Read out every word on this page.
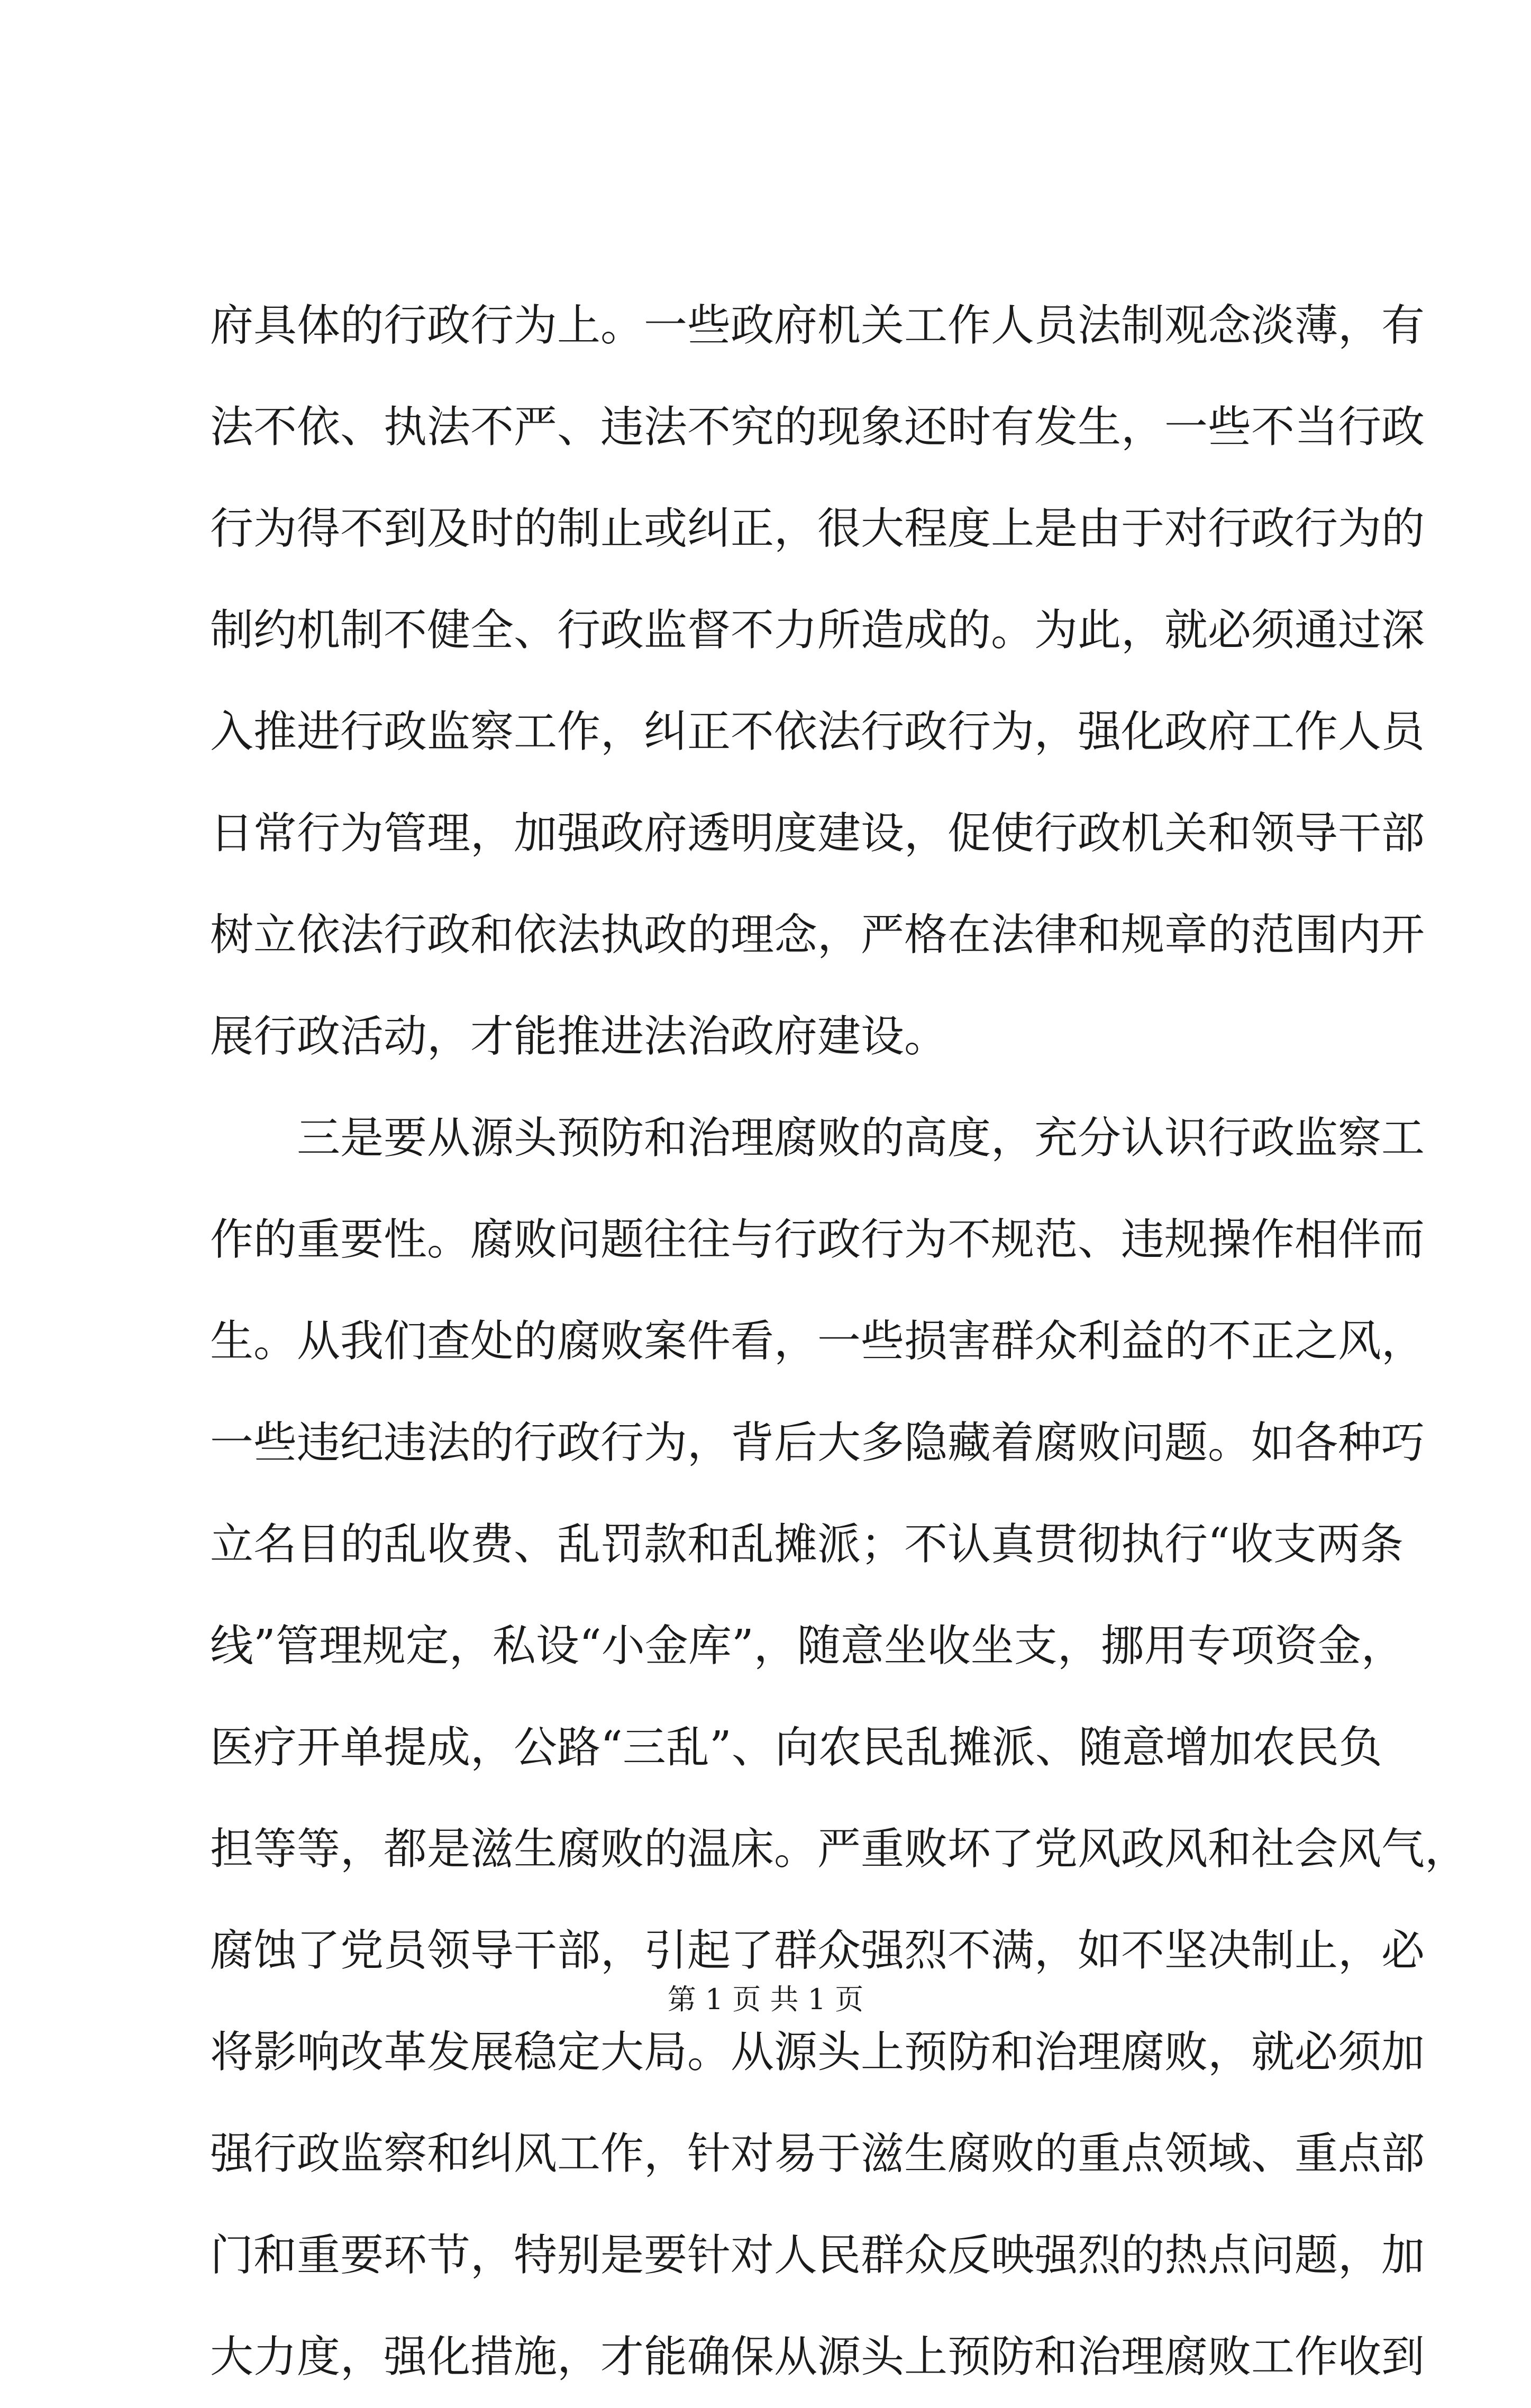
府具体的行政行为上。一些政府机关工作人员法制观念淡薄，有
法不依、执法不严、违法不究的现象还时有发生，一些不当行政
行为得不到及时的制止或纠正，很大程度上是由于对行政行为的
制约机制不健全、行政监督不力所造成的。为此，就必须通过深
入推进行政监察工作，纠正不依法行政行为，强化政府工作人员
日常行为管理，加强政府透明度建设，促使行政机关和领导干部
树立依法行政和依法执政的理念，严格在法律和规章的范围内开
展行政活动，才能推进法治政府建设。
三是要从源头预防和治理腐败的高度，充分认识行政监察工
作的重要性。腐败问题往往与行政行为不规范、违规操作相伴而
生。从我们查处的腐败案件看，一些损害群众利益的不正之风，
一些违纪违法的行政行为，背后大多隐藏着腐败问题。如各种巧
立名目的乱收费、乱罚款和乱摊派；不认真贯彻执行“收支两条
线”管理规定，私设“小金库”，随意坐收坐支，挪用专项资金，
医疗开单提成，公路“三乱”、向农民乱摊派、随意增加农民负
担等等，都是滋生腐败的温床。严重败坏了党风政风和社会风气，
腐蚀了党员领导干部，引起了群众强烈不满，如不坚决制止，必
将影响改革发展稳定大局。从源头上预防和治理腐败，就必须加
强行政监察和纠风工作，针对易于滋生腐败的重点领域、重点部
门和重要环节，特别是要针对人民群众反映强烈的热点问题，加
大力度，强化措施，才能确保从源头上预防和治理腐败工作收到
第 1 页 共 1 页
